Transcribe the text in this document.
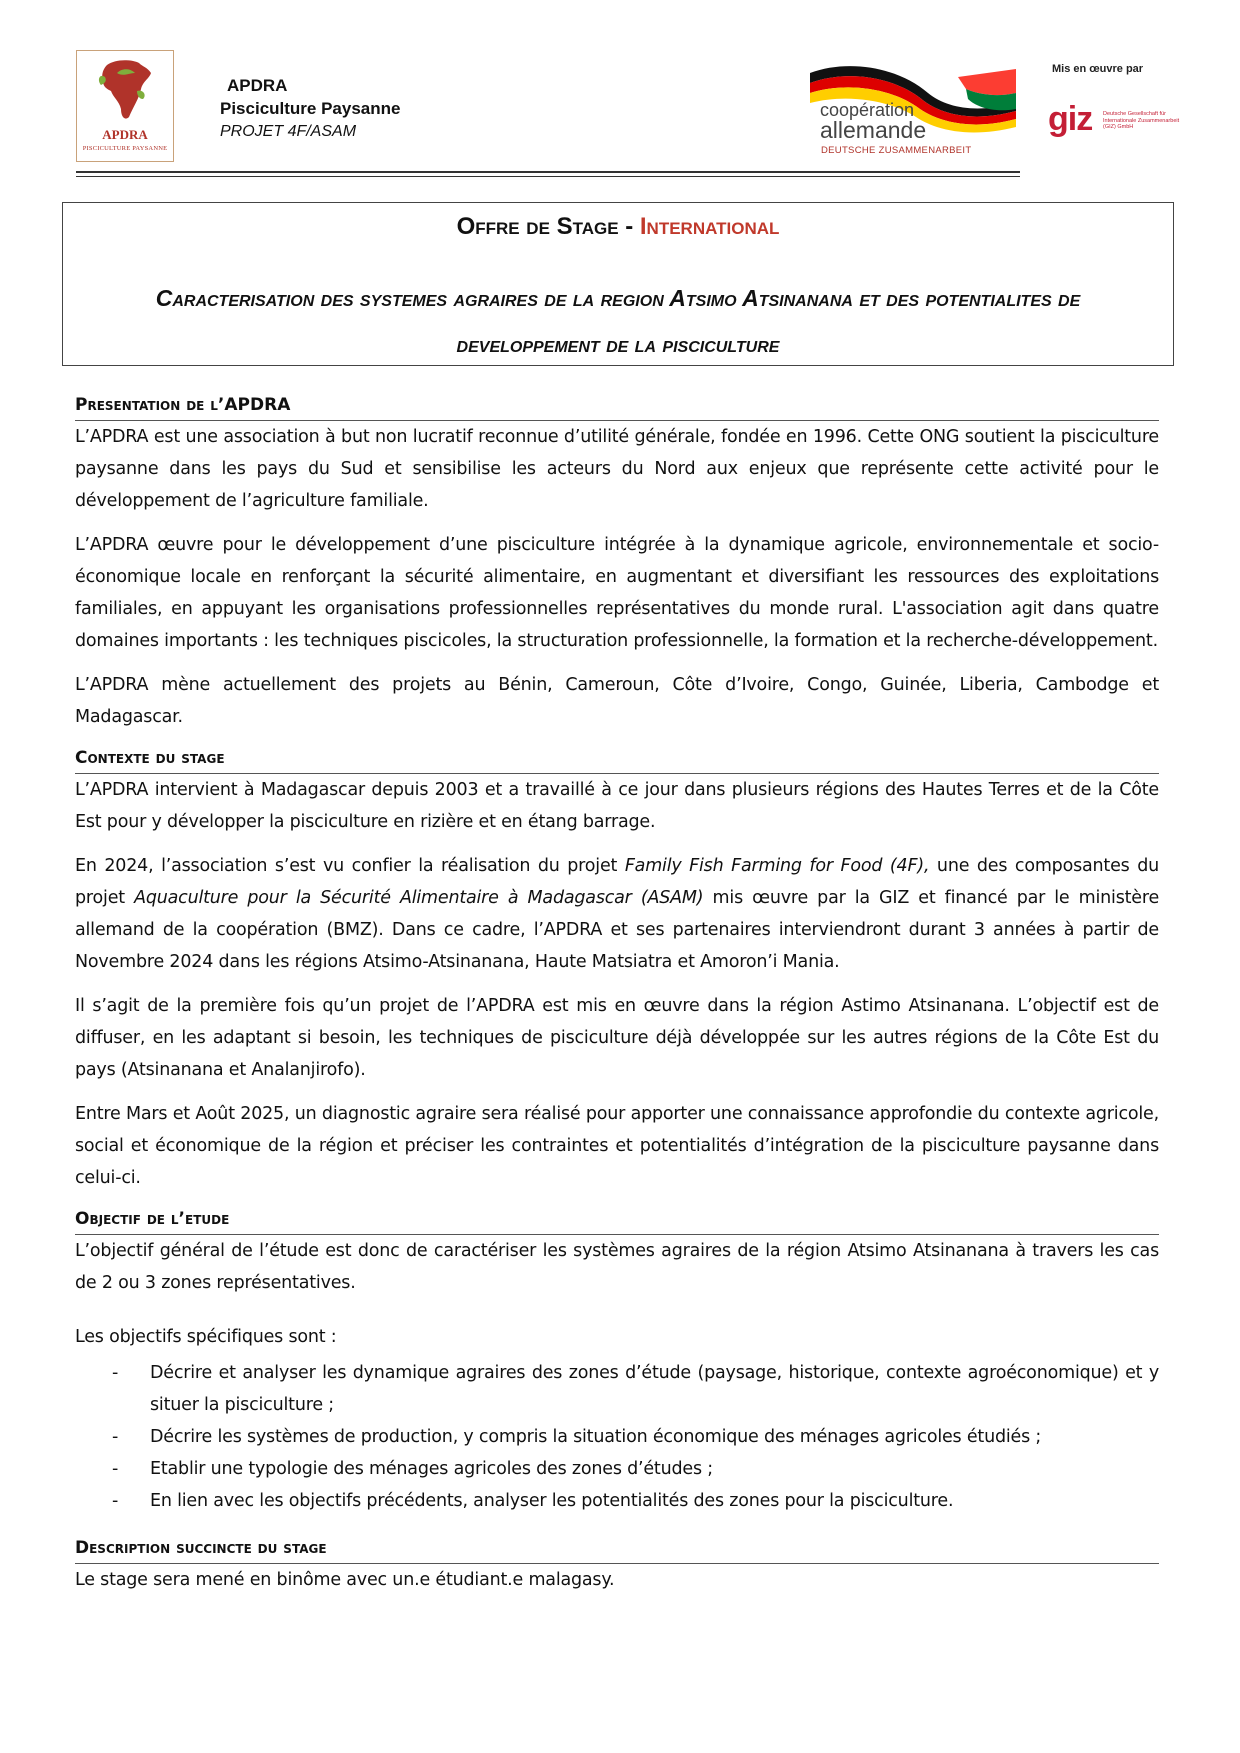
APDRA
PISCICULTURE PAYSANNE
APDRA
Pisciculture Paysanne
PROJET 4F/ASAM
coopération
allemande
DEUTSCHE ZUSAMMENARBEIT
Mis en œuvre par
giz Deutsche Gesellschaft für Internationale Zusammenarbeit (GIZ) GmbH
Offre de Stage - International
Caracterisation des systemes agraires de la region Atsimo Atsinanana et des potentialites de developpement de la pisciculture
Presentation de l’APDRA

L’APDRA est une association à but non lucratif reconnue d’utilité générale, fondée en 1996. Cette ONG soutient la pisciculture paysanne dans les pays du Sud et sensibilise les acteurs du Nord aux enjeux que représente cette activité pour le développement de l’agriculture familiale.

L’APDRA œuvre pour le développement d’une pisciculture intégrée à la dynamique agricole, environnementale et socio-économique locale en renforçant la sécurité alimentaire, en augmentant et diversifiant les ressources des exploitations familiales, en appuyant les organisations professionnelles représentatives du monde rural. L'association agit dans quatre domaines importants : les techniques piscicoles, la structuration professionnelle, la formation et la recherche-développement.

L’APDRA mène actuellement des projets au Bénin, Cameroun, Côte d’Ivoire, Congo, Guinée, Liberia, Cambodge et Madagascar.

Contexte du stage

L’APDRA intervient à Madagascar depuis 2003 et a travaillé à ce jour dans plusieurs régions des Hautes Terres et de la Côte Est pour y développer la pisciculture en rizière et en étang barrage.

En 2024, l’association s’est vu confier la réalisation du projet Family Fish Farming for Food (4F), une des composantes du projet Aquaculture pour la Sécurité Alimentaire à Madagascar (ASAM) mis œuvre par la GIZ et financé par le ministère allemand de la coopération (BMZ). Dans ce cadre, l’APDRA et ses partenaires interviendront durant 3 années à partir de Novembre 2024 dans les régions Atsimo-Atsinanana, Haute Matsiatra et Amoron’i Mania.

Il s’agit de la première fois qu’un projet de l’APDRA est mis en œuvre dans la région Astimo Atsinanana. L’objectif est de diffuser, en les adaptant si besoin, les techniques de pisciculture déjà développée sur les autres régions de la Côte Est du pays (Atsinanana et Analanjirofo).

Entre Mars et Août 2025, un diagnostic agraire sera réalisé pour apporter une connaissance approfondie du contexte agricole, social et économique de la région et préciser les contraintes et potentialités d’intégration de la pisciculture paysanne dans celui-ci.

Objectif de l’etude

L’objectif général de l’étude est donc de caractériser les systèmes agraires de la région Atsimo Atsinanana à travers les cas de 2 ou 3 zones représentatives.

Les objectifs spécifiques sont :

- Décrire et analyser les dynamique agraires des zones d’étude (paysage, historique, contexte agroéconomique) et y situer la pisciculture ;
- Décrire les systèmes de production, y compris la situation économique des ménages agricoles étudiés ;
- Etablir une typologie des ménages agricoles des zones d’études ;
- En lien avec les objectifs précédents, analyser les potentialités des zones pour la pisciculture.
Description succincte du stage

Le stage sera mené en binôme avec un.e étudiant.e malagasy.
